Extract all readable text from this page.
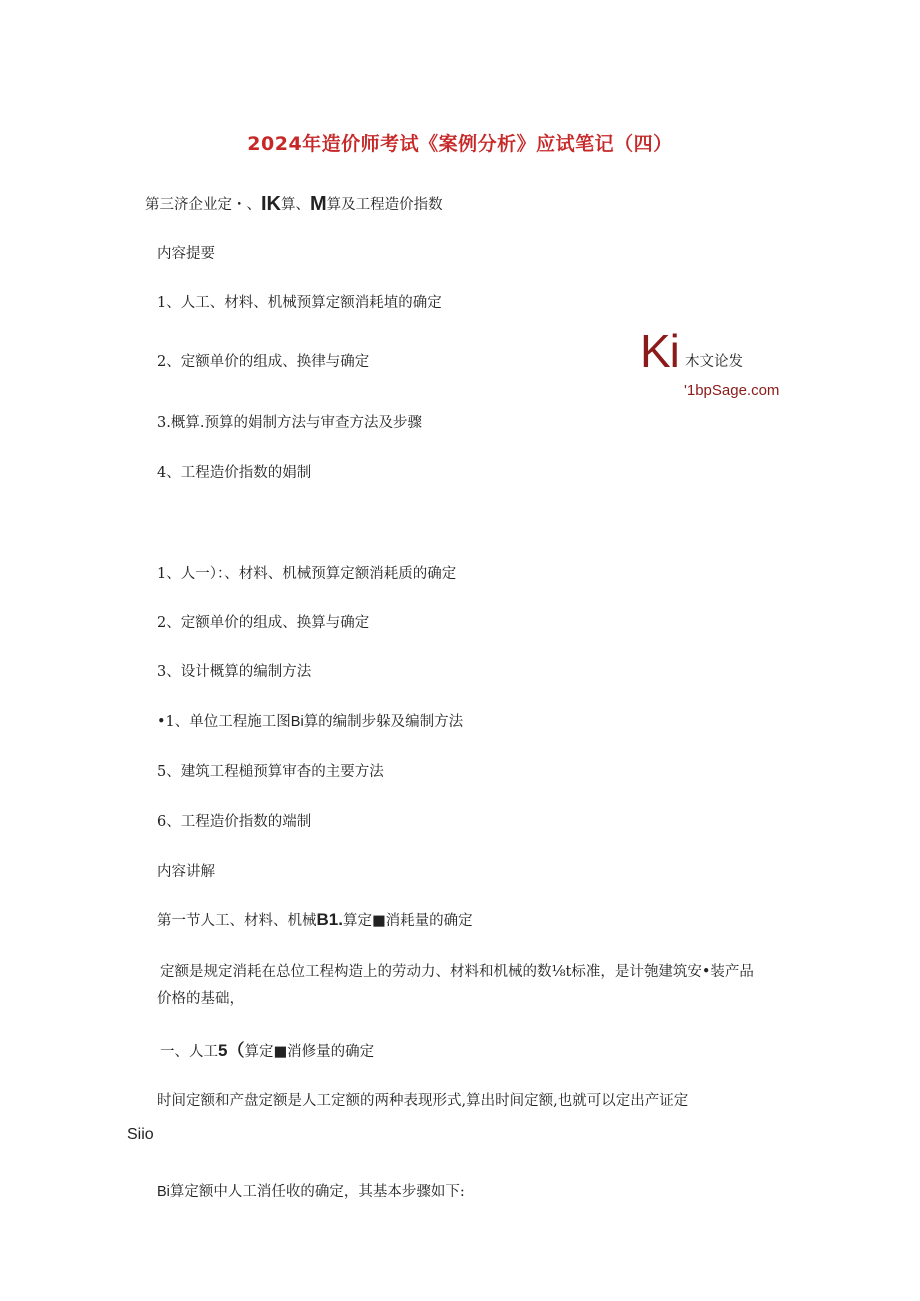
2024年造价师考试《案例分析》应试笔记（四）
第三济企业定・、IK算、M算及工程造价指数
内容提要
1、人工、材料、机械预算定额消耗埴的确定
2、定额单价的组成、换律与确定
3.概算.预算的娟制方法与审查方法及步骤
4、工程造价指数的娟制
Ki 木文论发
'1bpSage.com
1、人一）：、材料、机械预算定额消耗质的确定
2、定额单价的组成、换算与确定
3、设计概算的编制方法
•1、单位工程施工图Bi算的编制步躲及编制方法
5、建筑工程槌预算审杳的主要方法
6、工程造价指数的端制
内容讲解
第一节人工、材料、机械B1.算定■消耗量的确定
定额是规定消耗在总位工程构造上的劳动力、材料和机械的数⅛t标准，是计匏建筑安•装产品
价格的基础，
一、人工5（算定■消修量的确定
时间定额和产盘定额是人工定额的两种表现形式,算出时间定额,也就可以定出产证定
Siio
Bi算定额中人工消任收的确定，其基本步骤如下:
